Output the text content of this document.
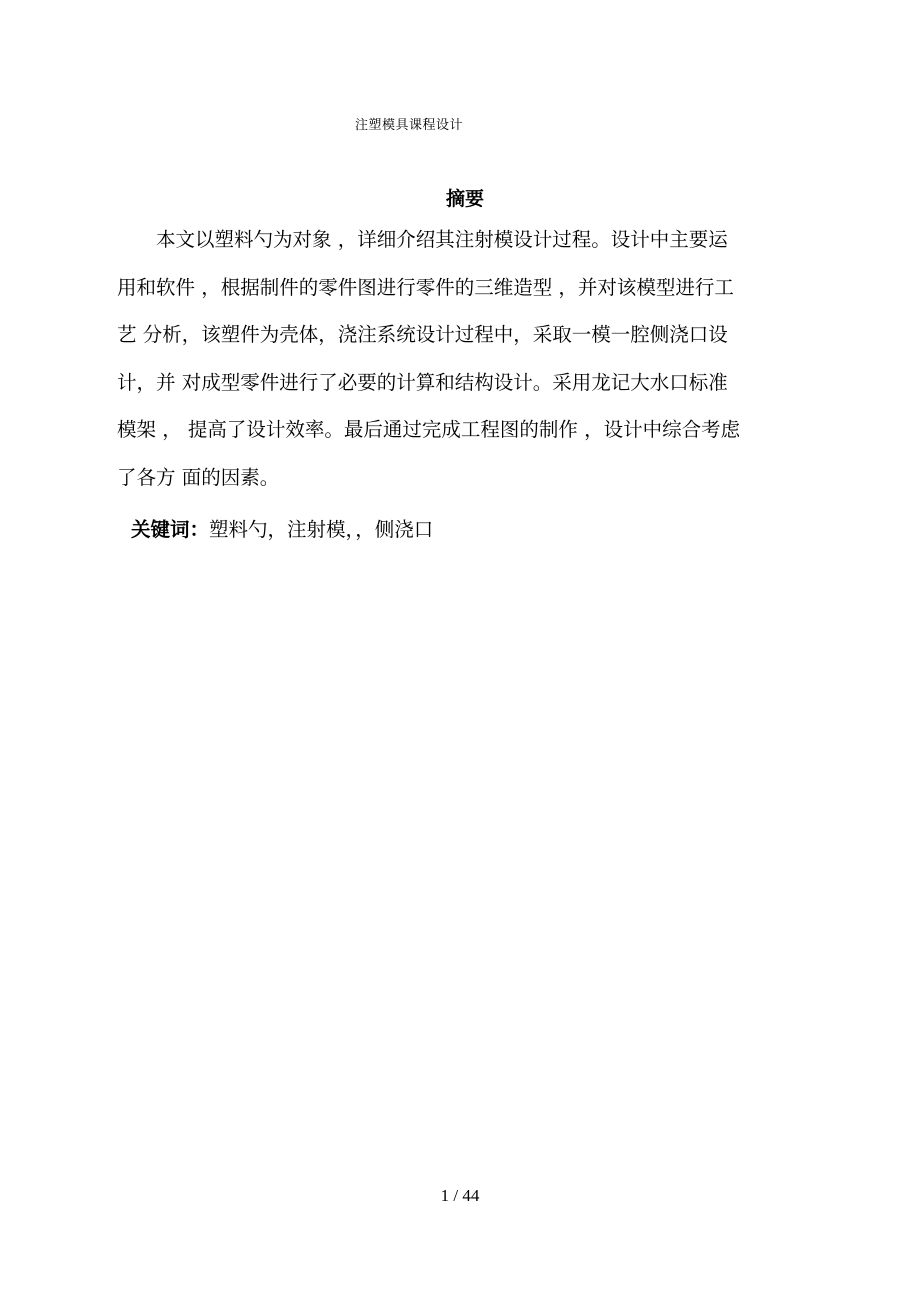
注塑模具课程设计
摘要
本文以塑料勺为对象 ，详细介绍其注射模设计过程。设计中主要运
用和软件 ，根据制件的零件图进行零件的三维造型 ，并对该模型进行工
艺 分析，该塑件为壳体，浇注系统设计过程中，采取一模一腔侧浇口设
计，并 对成型零件进行了必要的计算和结构设计。采用龙记大水口标准
模架 ， 提高了设计效率。最后通过完成工程图的制作 ，设计中综合考虑
了各方 面的因素。
关键词：塑料勺，注射模，，侧浇口
1 / 44
